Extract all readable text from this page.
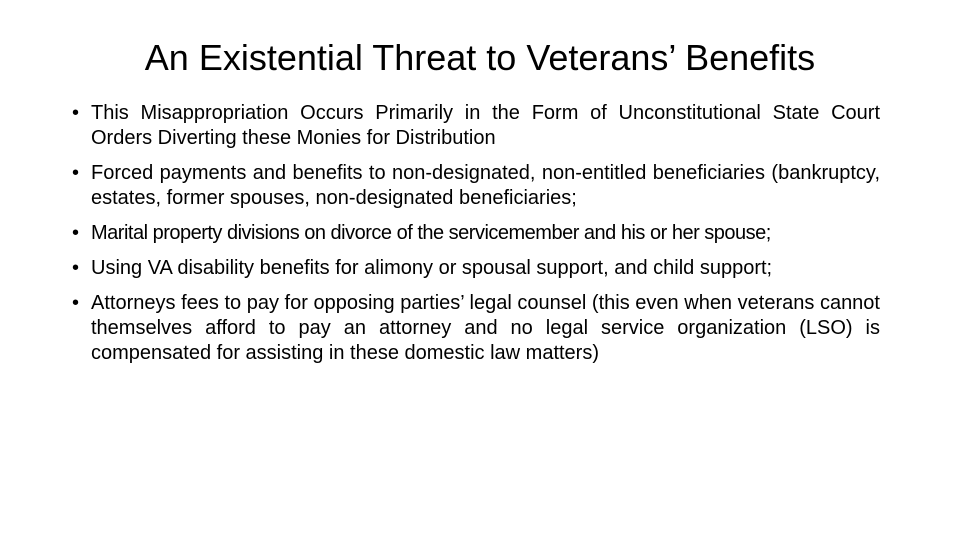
An Existential Threat to Veterans’ Benefits
• This Misappropriation Occurs Primarily in the Form of Unconstitutional State Court Orders Diverting these Monies for Distribution
• Forced payments and benefits to non-designated, non-entitled beneficiaries (bankruptcy, estates, former spouses, non-designated beneficiaries;
• Marital property divisions on divorce of the servicemember and his or her spouse;
• Using VA disability benefits for alimony or spousal support, and child support;
• Attorneys fees to pay for opposing parties’ legal counsel (this even when veterans cannot themselves afford to pay an attorney and no legal service organization (LSO) is compensated for assisting in these domestic law matters)
